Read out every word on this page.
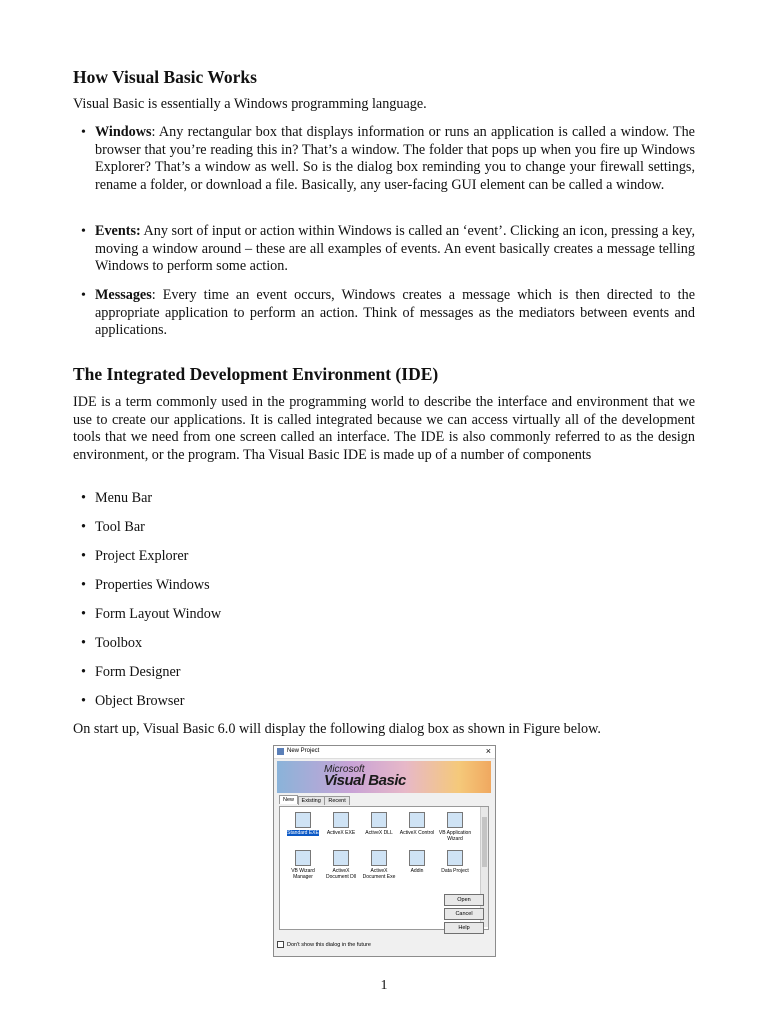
How Visual Basic Works

Visual Basic is essentially a Windows programming language.

• Windows: Any rectangular box that displays information or runs an application is called a window. The browser that you’re reading this in? That’s a window. The folder that pops up when you fire up Windows Explorer? That’s a window as well. So is the dialog box reminding you to change your firewall settings, rename a folder, or download a file. Basically, any user-facing GUI element can be called a window.
• Events: Any sort of input or action within Windows is called an ‘event’. Clicking an icon, pressing a key, moving a window around – these are all examples of events. An event basically creates a message telling Windows to perform some action.
• Messages: Every time an event occurs, Windows creates a message which is then directed to the appropriate application to perform an action. Think of messages as the mediators between events and applications.
The Integrated Development Environment (IDE)

IDE is a term commonly used in the programming world to describe the interface and environment that we use to create our applications. It is called integrated because we can access virtually all of the development tools that we need from one screen called an interface. The IDE is also commonly referred to as the design environment, or the program. Tha Visual Basic IDE is made up of a number of components

• Menu Bar
• Tool Bar
• Project Explorer
• Properties Windows
• Form Layout Window
• Toolbox
• Form Designer
• Object Browser

On start up, Visual Basic 6.0 will display the following dialog box as shown in Figure below.

New Project	×
Microsoft
Visual Basic
New Existing Recent
Standard EXE	ActiveX EXE	ActiveX DLL	ActiveX Control VB Application Wizard
VB Wizard Manager
ActiveX Document Dll
ActiveX Document Exe
Addin	Data Project
Open
Cancel
Help
Don't show this dialog in the future
1
